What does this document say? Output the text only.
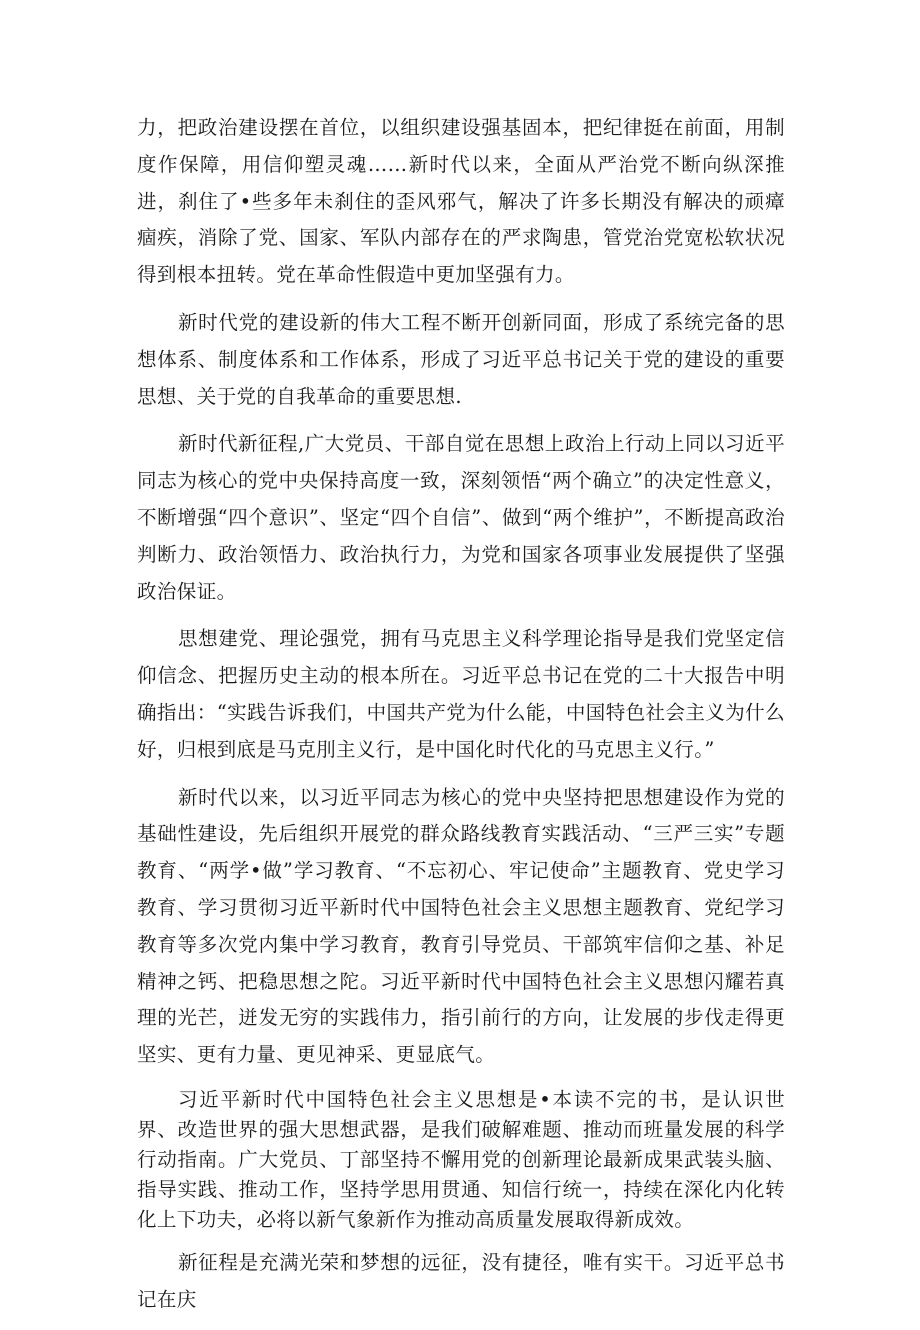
力，把政治建设摆在首位，以组织建设强基固本，把纪律挺在前面，用制度作保障，用信仰塑灵魂……新时代以来，全面从严治党不断向纵深推进，刹住了•些多年未刹住的歪风邪气，解决了许多长期没有解决的顽瘴痼疾，消除了党、国家、军队内部存在的严求陶患，管党治党宽松软状况得到根本扭转。党在革命性假造中更加坚强有力。

新时代党的建设新的伟大工程不断开创新同面，形成了系统完备的思想体系、制度体系和工作体系，形成了习近平总书记关于党的建设的重要思想、关于党的自我革命的重要思想.

新时代新征程,广大党员、干部自觉在思想上政治上行动上同以习近平同志为核心的党中央保持高度一致，深刻领悟“两个确立”的决定性意义，不断增强“四个意识”、坚定“四个自信”、做到“两个维护”，不断提高政治判断力、政治领悟力、政治执行力，为党和国家各项事业发展提供了坚强政治保证。

思想建党、理论强党，拥有马克思主义科学理论指导是我们党坚定信仰信念、把握历史主动的根本所在。习近平总书记在党的二十大报告中明确指出：“实践告诉我们，中国共产党为什么能，中国特色社会主义为什么好，归根到底是马克刖主义行，是中国化时代化的马克思主义行。”

新时代以来，以习近平同志为核心的党中央坚持把思想建设作为党的基础性建设，先后组织开展党的群众路线教育实践活动、“三严三实”专题教育、“两学•做”学习教育、“不忘初心、牢记使命”主题教育、党史学习教育、学习贯彻习近平新时代中国特色社会主义思想主题教育、党纪学习教育等多次党内集中学习教育，教育引导党员、干部筑牢信仰之基、补足精神之钙、把稳思想之陀。习近平新时代中国特色社会主义思想闪耀若真理的光芒，迸发无穷的实践伟力，指引前行的方向，让发展的步伐走得更坚实、更有力量、更见神采、更显底气。

习近平新时代中国特色社会主义思想是•本读不完的书，是认识世界、改造世界的强大思想武器，是我们破解难题、推动而班量发展的科学行动指南。广大党员、丁部坚持不懈用党的创新理论最新成果武装头脑、指导实践、推动工作，坚持学思用贯通、知信行统一，持续在深化内化转化上下功夫，必将以新气象新作为推动高质量发展取得新成效。

新征程是充满光荣和梦想的远征，没有捷径，唯有实干。习近平总书记在庆
